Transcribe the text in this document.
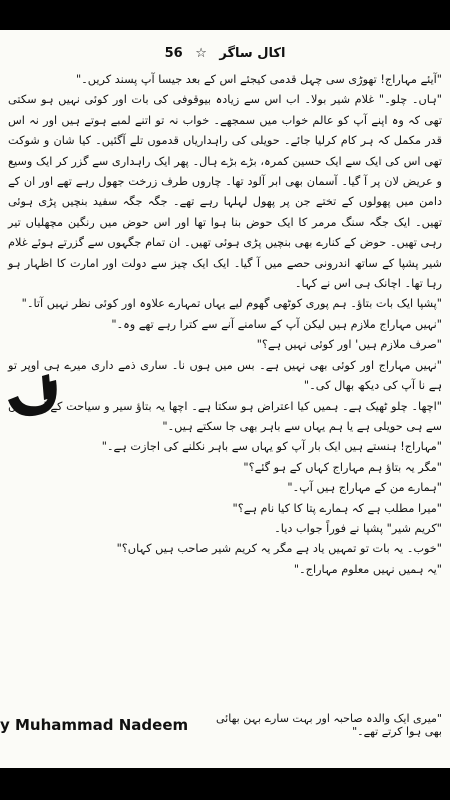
اکال ساگر ☆ 56

"آیئے مہاراج! تھوڑی سی چہل قدمی کیجئے اس کے بعد جیسا آپ پسند کریں۔"

"ہاں۔ چلو۔" غلام شیر بولا۔ اب اس سے زیادہ بیوقوفی کی بات اور کوئی نہیں ہو سکتی تھی کہ وہ اپنے آپ کو عالم خواب میں سمجھے۔ خواب نہ تو اتنے لمبے ہوتے ہیں اور نہ اس قدر مکمل کہ ہر کام کرلیا جائے۔ حویلی کی راہداریاں قدموں تلے آگئیں۔ کیا شان و شوکت تھی اس کی ایک سے ایک حسین کمرہ، بڑے بڑے ہال۔ پھر ایک راہداری سے گزر کر ایک وسیع و عریض لان پر آ گیا۔ آسمان بھی ابر آلود تھا۔ چاروں طرف زرخت جھول رہے تھے اور ان کے دامن میں پھولوں کے تختے جن پر پھول لہلہا رہے تھے۔ جگہ جگہ سفید بنچیں پڑی ہوئی تھیں۔ ایک جگہ سنگ مرمر کا ایک حوض بنا ہوا تھا اور اس حوض میں رنگین مچھلیاں تیر رہی تھیں۔ حوض کے کنارے بھی بنچیں پڑی ہوئی تھیں۔ ان تمام جگہوں سے گزرتے ہوئے غلام شیر پشپا کے ساتھ اندرونی حصے میں آ گیا۔ ایک ایک چیز سے دولت اور امارت کا اظہار ہو رہا تھا۔ اچانک ہی اس نے کہا۔

"پشپا ایک بات بتاؤ۔ ہم پوری کوٹھی گھوم لیے یہاں تمہارے علاوہ اور کوئی نظر نہیں آتا۔"

"نہیں مہاراج ملازم ہیں لیکن آپ کے سامنے آنے سے کترا رہے تھے وہ۔"

"صرف ملازم ہیں' اور کوئی نہیں ہے؟"

"نہیں مہاراج اور کوئی بھی نہیں ہے۔ بس میں ہوں نا۔ ساری ذمے داری میرے ہی اوپر تو ہے نا آپ کی دیکھ بھال کی۔"

"اچھا۔ چلو ٹھیک ہے۔ ہمیں کیا اعتراض ہو سکتا ہے۔ اچھا یہ بتاؤ سیر و سیاحت کے لیے یہاں سے ہی حویلی ہے یا ہم یہاں سے باہر بھی جا سکتے ہیں۔"

"مہاراج! ہنستے ہیں ایک بار آپ کو یہاں سے باہر نکلنے کی اجازت ہے۔"

"مگر یہ بتاؤ ہم مہاراج کہاں کے ہو گئے؟"

"ہمارے من کے مہاراج ہیں آپ۔"

"میرا مطلب ہے کہ ہمارے پتا کا کیا نام ہے؟"

"کریم شیر" پشپا نے فوراً جواب دیا۔

"خوب۔ یہ بات تو تمہیں یاد ہے مگر یہ کریم شیر صاحب ہیں کہاں؟"

"یہ ہمیں نہیں معلوم مہاراج۔"

"میری ایک والدہ صاحبہ اور بہت سارے بہن بھائی بھی ہوا کرتے تھے۔"
y Muhammad Nadeem
